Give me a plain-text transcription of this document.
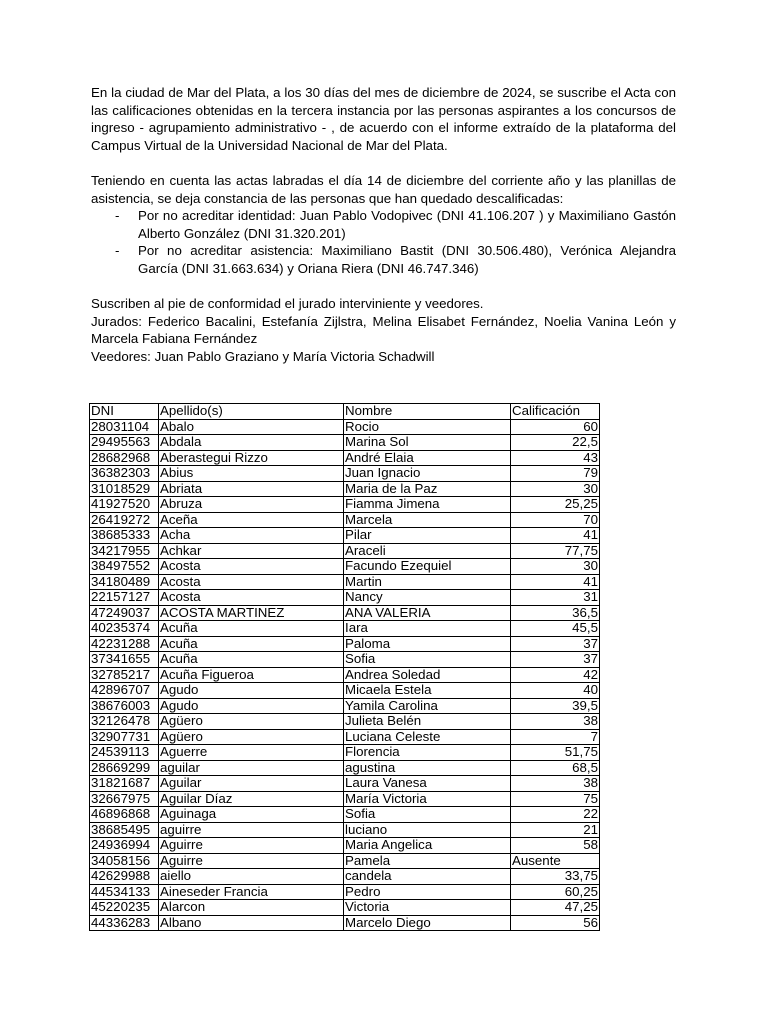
En la ciudad de Mar del Plata, a los 30 días del mes de diciembre de 2024, se suscribe el Acta con las calificaciones obtenidas en la tercera instancia por las personas aspirantes a los concursos de ingreso - agrupamiento administrativo - , de acuerdo con el informe extraído de la plataforma del Campus Virtual de la Universidad Nacional de Mar del Plata.

Teniendo en cuenta las actas labradas el día 14 de diciembre del corriente año y las planillas de asistencia, se deja constancia de las personas que han quedado descalificadas:

- Por no acreditar identidad: Juan Pablo Vodopivec (DNI 41.106.207 ) y Maximiliano Gastón Alberto González (DNI 31.320.201)
- Por no acreditar asistencia: Maximiliano Bastit (DNI 30.506.480), Verónica Alejandra García (DNI 31.663.634) y Oriana Riera (DNI 46.747.346)

Suscriben al pie de conformidad el jurado interviniente y veedores.

Jurados: Federico Bacalini, Estefanía Zijlstra, Melina Elisabet Fernández, Noelia Vanina León y Marcela Fabiana Fernández

Veedores: Juan Pablo Graziano y María Victoria Schadwill

DNI	Apellido(s)	Nombre	Calificación
28031104	Abalo	Rocio	60
29495563	Abdala	Marina Sol	22,5
28682968	Aberastegui Rizzo	André Elaia	43
36382303	Abius	Juan Ignacio	79
31018529	Abriata	Maria de la Paz	30
41927520	Abruza	Fiamma Jimena	25,25
26419272	Aceña	Marcela	70
38685333	Acha	Pilar	41
34217955	Achkar	Araceli	77,75
38497552	Acosta	Facundo Ezequiel	30
34180489	Acosta	Martin	41
22157127	Acosta	Nancy	31
47249037	ACOSTA MARTINEZ	ANA VALERIA	36,5
40235374	Acuña	Iara	45,5
42231288	Acuña	Paloma	37
37341655	Acuña	Sofia	37
32785217	Acuña Figueroa	Andrea Soledad	42
42896707	Agudo	Micaela Estela	40
38676003	Agudo	Yamila Carolina	39,5
32126478	Agüero	Julieta Belén	38
32907731	Agüero	Luciana Celeste	7
24539113	Aguerre	Florencia	51,75
28669299	aguilar	agustina	68,5
31821687	Aguilar	Laura Vanesa	38
32667975	Aguilar Díaz	María Victoria	75
46896868	Aguinaga	Sofia	22
38685495	aguirre	luciano	21
24936994	Aguirre	Maria Angelica	58
34058156	Aguirre	Pamela	Ausente
42629988	aiello	candela	33,75
44534133	Aineseder Francia	Pedro	60,25
45220235	Alarcon	Victoria	47,25
44336283	Albano	Marcelo Diego	56
